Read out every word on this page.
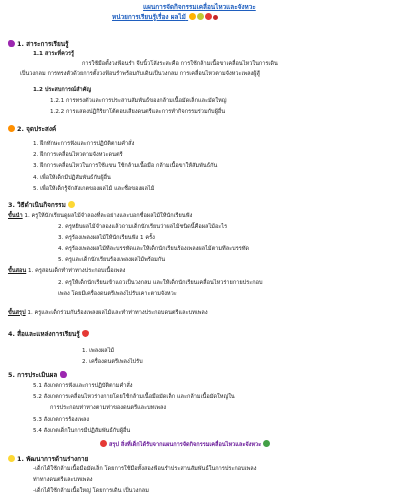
แผนการจัดกิจกรรมเคลื่อนไหวและจังหวะ
หน่วยการเรียนรู้เรื่อง ผลไม้
1. สาระการเรียนรู้
1.1 สาระที่ควรรู้
การใช้มือตั้งวงฟ้อนรำ จีบนิ้วโลังระสะคือ การใช้กล้ามเนื้อขาเคลื่อนไหวในการเดิน
เป็นวงกลม การทรงตัวด้วยการตั้งวงฟ้อนรำพร้อมกับเดินเป็นวงกลม การเคลื่อนไหวตามจังหวะเพลงผู้สู้
1.2 ประสบการณ์สำคัญ
1.2.1 การทรงตัวและการประสานสัมพันธ์ของกล้ามเนื้อมัดเล็กและมัดใหญ่
1.2.2 การแสดงปฏิกิริยาโต้ตอบเสียงดนตรีและการทำกิจกรรมร่วมกับผู้อื่น
2. จุดประสงค์
1. ฝึกทักษะการฟังและการปฏิบัติตามคำสั่ง
2. ฝึกการเคลื่อนไหวตามจังหวะดนตรี
3. ฝึกการเคลื่อนไหวในการใช้แขน ใช้กล้ามเนื้อมือ กล้ามเนื้อขาให้สัมพันธ์กัน
4. เพื่อให้เด็กมีปฏิสัมพันธ์กับผู้อื่น
5. เพื่อให้เด็กรู้จักสังเกตของผลไม้ และชื่อของผลไม้
3. วิธีดำเนินกิจกรรม
ขั้นนำ 1. ครูให้นักเรียนดูผลไม้จำลองที่ละอย่างและบอกชื่อผลไม้ให้นักเรียนฟัง
2. ครูหยิบผลไม้จำลองแล้วถามเด็กนักเรียนว่าผลไม้ชนิดนี้คือผลไม้อะไร
3. ครูร้องเพลงผลไม้ให้นักเรียนฟัง 1 ครั้ง
4. ครูร้องเพลงผลไม้ทีละบรรทัดและให้เด็กนักเรียนร้องเพลงผลไม้ตามทีละบรรทัด
5. ครูและเด็กนักเรียนร้องเพลงผลไม้พร้อมกัน
ขั้นสอน 1. ครูสอนเด็กทำท่าทางประกอบเนื้อเพลง
2. ครูให้เด็กนักเรียนเข้าแถวเป็นวงกลม และให้เด็กนักเรียนเคลื่อนไหวร่ายกายประกอบ
เพลง โดยมีเครื่องดนตรีเพลงไปรับเคาะตามจังหวะ
ขั้นสรุป 1. ครูและเด็กร่วมกันร้องเพลงผลไม้และทำท่าทางประกอบดนตรีและบทเพลง
4. สื่อและแหล่งการเรียนรู้
1. เพลงผลไม้
2. เครื่องดนตรีเพลงไปรับ
5. การประเมินผล
5.1 สังเกตการฟังและการปฏิบัติตามคำสั่ง
5.2 สังเกตการเคลื่อนไหวร่างกายโดยใช้กล้ามเนื้อมือมัดเล็ก และกล้ามเนื้อมัดใหญ่ใน
การประกอบท่าทางตามท่าของดนตรีและบทเพลง
5.3 สังเกตการร้องเพลง
5.4 สังเกตเด็กในการมีปฏิสัมพันธ์กับผู้อื่น
สรุป สิ่งที่เด็กได้รับจากแผนการจัดกิจกรรมเคลื่อนไหวและจังหวะ
1. พัฒนาการด้านร่างกาย
-เด็กได้ใช้กล้ามเนื้อมือมัดเล็ก โดยการใช้มือทั้งสองฟ้อนรำประสานสัมพันธ์ในการประกอบเพลง
ท่าทางดนตรีและบทเพลง
-เด็กได้ใช้กล้ามเนื้อใหญ่ โดยการเดิน เป็นวงกลม
